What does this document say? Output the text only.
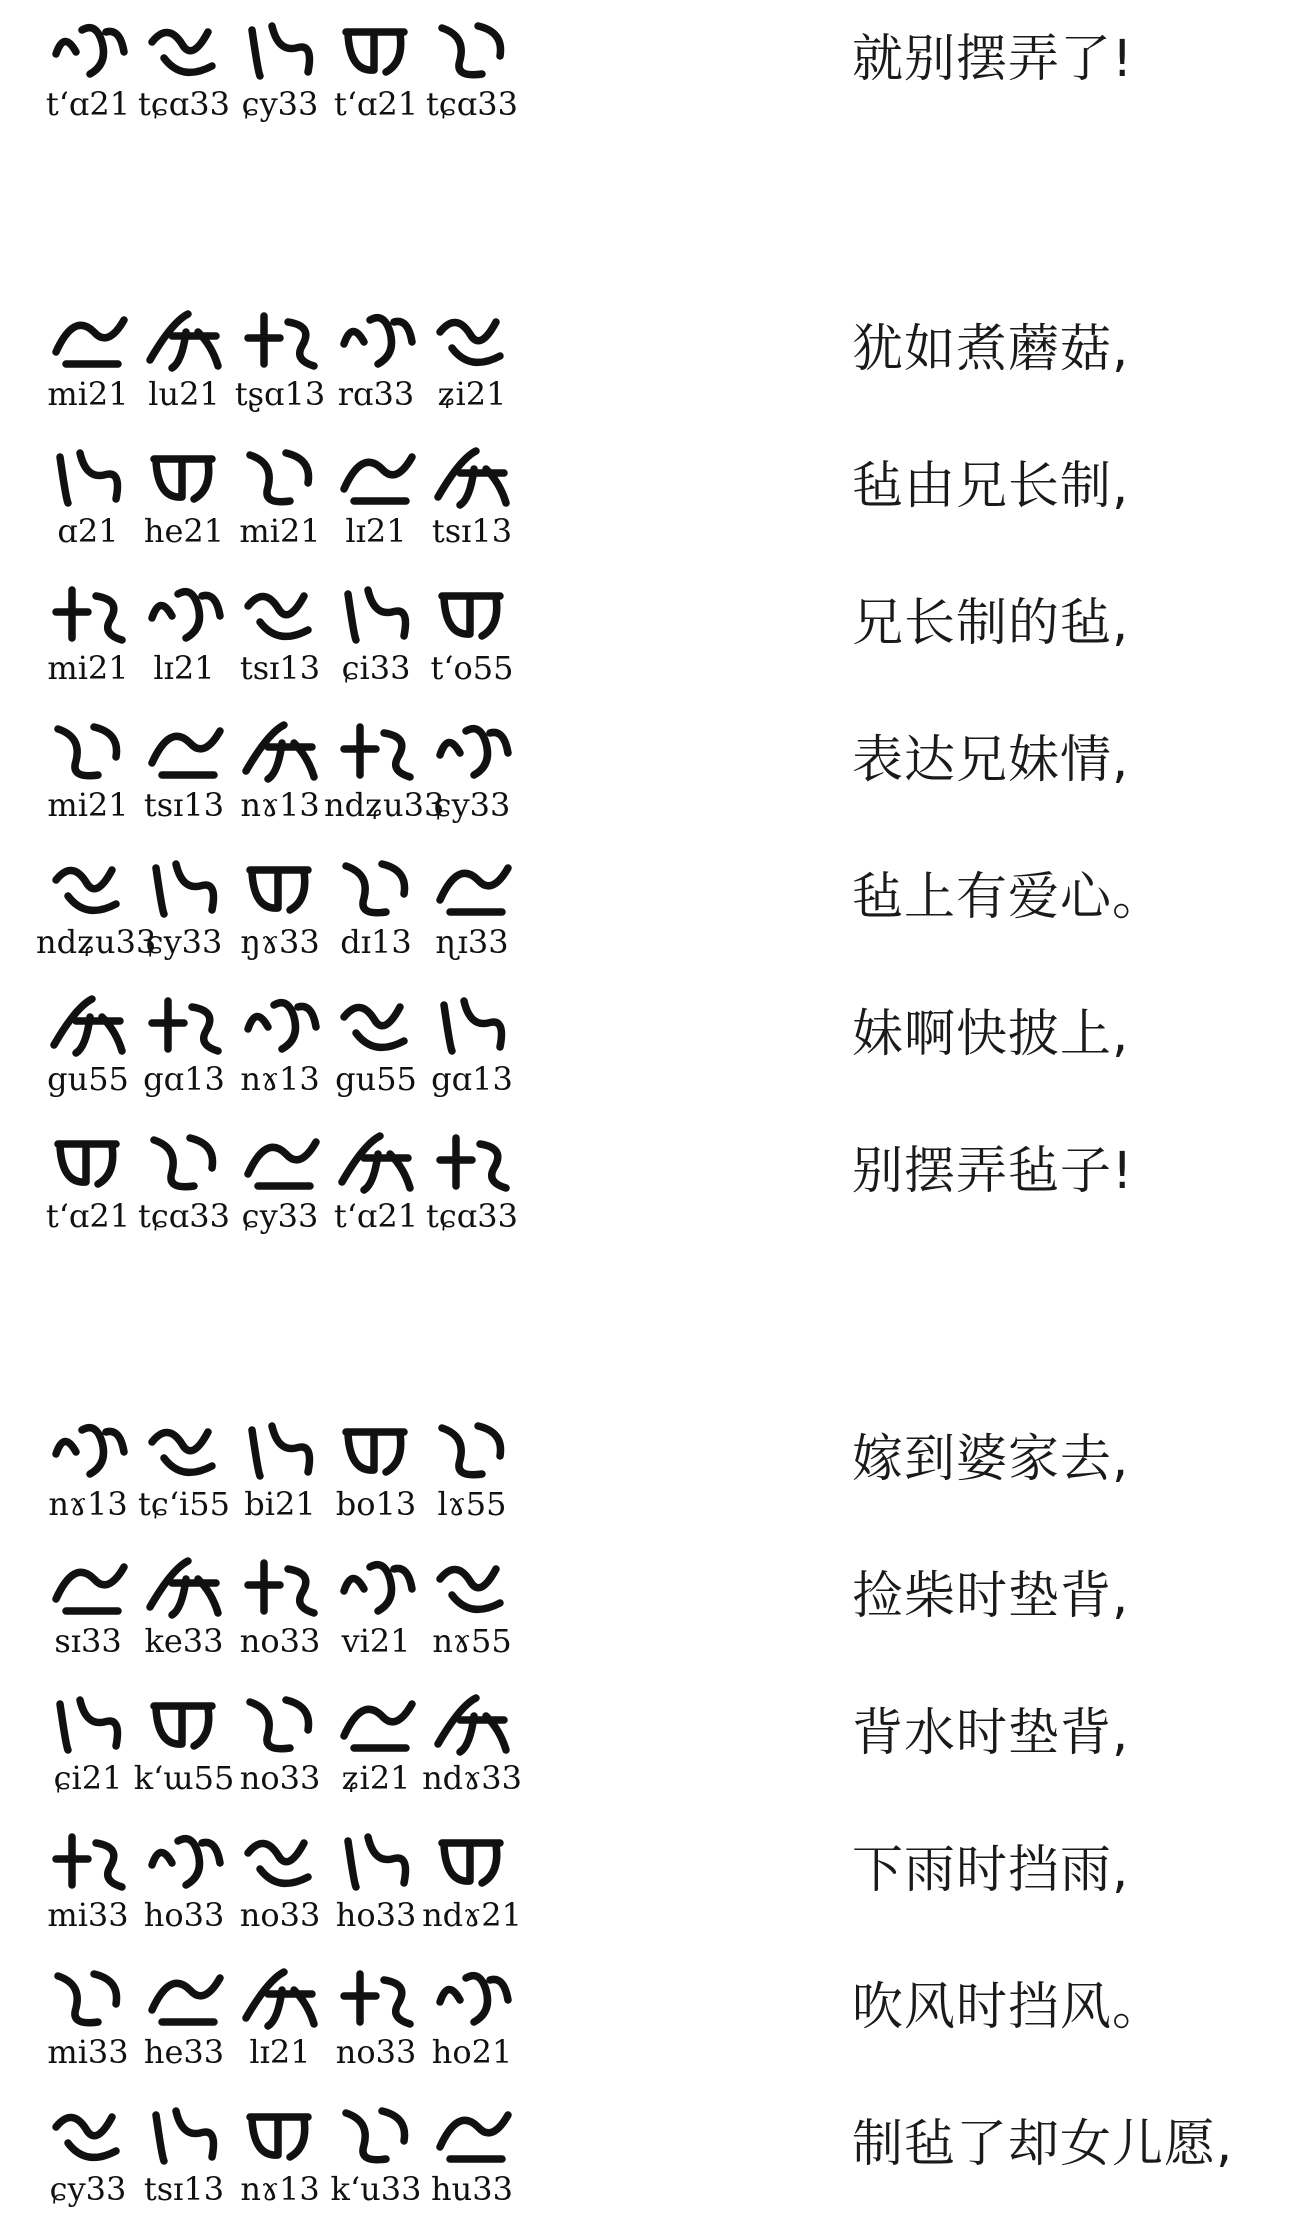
t‘ɑ21 tɕɑ33 ɕy33 t‘ɑ21 tɕɑ33
就别摆弄了!
mi21 lu21 tʂɑ13 rɑ33 ʑi21
犹如煮蘑菇,
ɑ21 he21 mi21 lɪ21 tsɪ13
毡由兄长制,
mi21 lɪ21 tsɪ13 ɕi33 t‘o55
兄长制的毡,
mi21 tsɪ13 nɤ13 ndʑu33
ɕy33
表达兄妹情,
ndʑu33
ɕy33 ŋɤ33 dɪ13 ɳɪ33
毡上有爱心。
gu55 gɑ13 nɤ13 gu55 gɑ13
妹啊快披上,
t‘ɑ21 tɕɑ33 ɕy33 t‘ɑ21 tɕɑ33
别摆弄毡子!
nɤ13 tɕ‘i55 bi21 bo13 lɤ55
嫁到婆家去,
sɪ33 ke33 no33 vi21 nɤ55
捡柴时垫背,
ɕi21 k‘ɯ55 no33 ʑi21 ndɤ33
背水时垫背,
mi33 ho33 no33 ho33 ndɤ21
下雨时挡雨,
mi33 he33 lɪ21 no33 ho21
吹风时挡风。
ɕy33 tsɪ13 nɤ13 k‘u33 hu33
制毡了却女儿愿,
